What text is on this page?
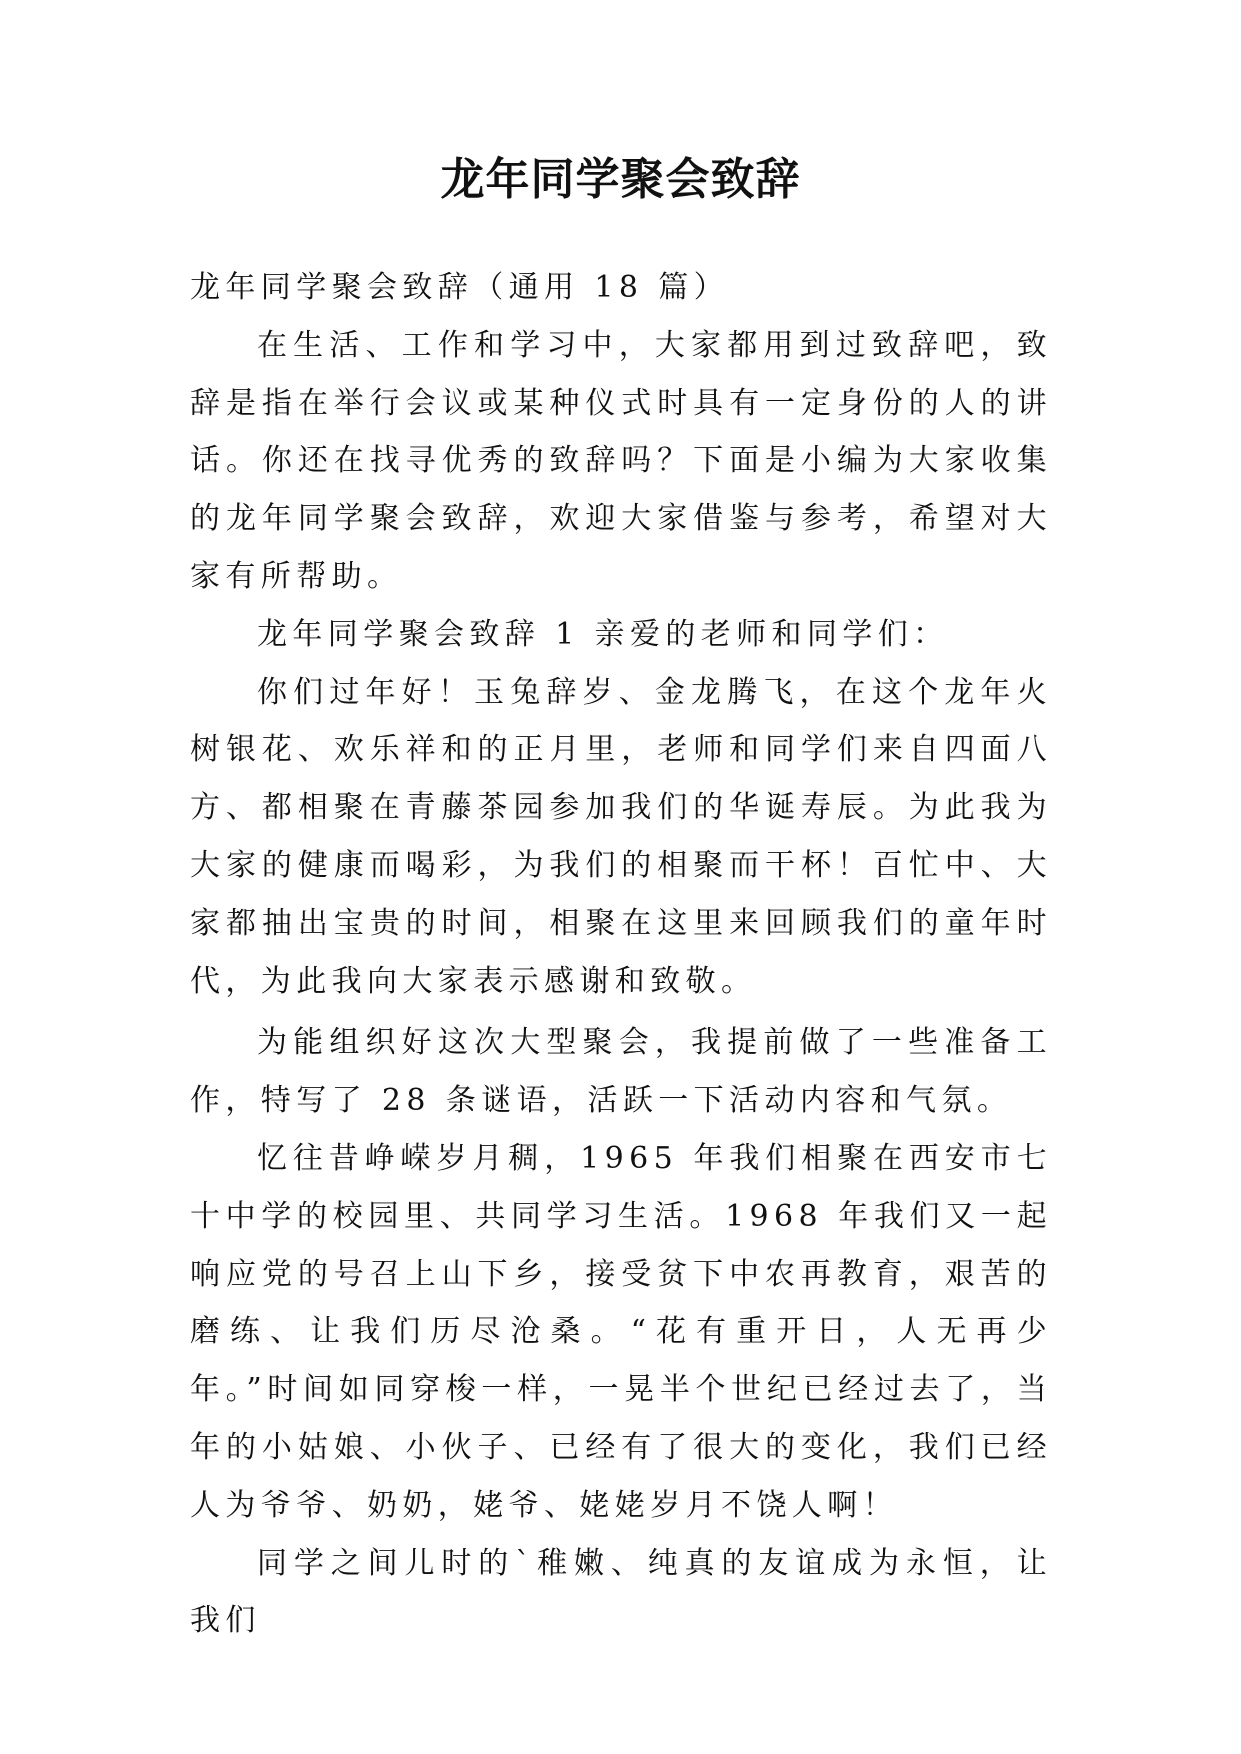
龙年同学聚会致辞

龙年同学聚会致辞（通用 18 篇）

在生活、工作和学习中，大家都用到过致辞吧，致辞是指在举行会议或某种仪式时具有一定身份的人的讲话。你还在找寻优秀的致辞吗？下面是小编为大家收集的龙年同学聚会致辞，欢迎大家借鉴与参考，希望对大家有所帮助。

龙年同学聚会致辞 1 亲爱的老师和同学们：

你们过年好！玉兔辞岁、金龙腾飞，在这个龙年火树银花、欢乐祥和的正月里，老师和同学们来自四面八方、都相聚在青藤茶园参加我们的华诞寿辰。为此我为大家的健康而喝彩，为我们的相聚而干杯！百忙中、大家都抽出宝贵的时间，相聚在这里来回顾我们的童年时代，为此我向大家表示感谢和致敬。

为能组织好这次大型聚会，我提前做了一些准备工作，特写了 28 条谜语，活跃一下活动内容和气氛。

忆往昔峥嵘岁月稠，1965 年我们相聚在西安市七十中学的校园里、共同学习生活。1968 年我们又一起响应党的号召上山下乡，接受贫下中农再教育，艰苦的磨练、让我们历尽沧桑。“花有重开日，人无再少年。”时间如同穿梭一样，一晃半个世纪已经过去了，当年的小姑娘、小伙子、已经有了很大的变化，我们已经人为爷爷、奶奶，姥爷、姥姥岁月不饶人啊！

同学之间儿时的`稚嫩、纯真的友谊成为永恒，让我们
